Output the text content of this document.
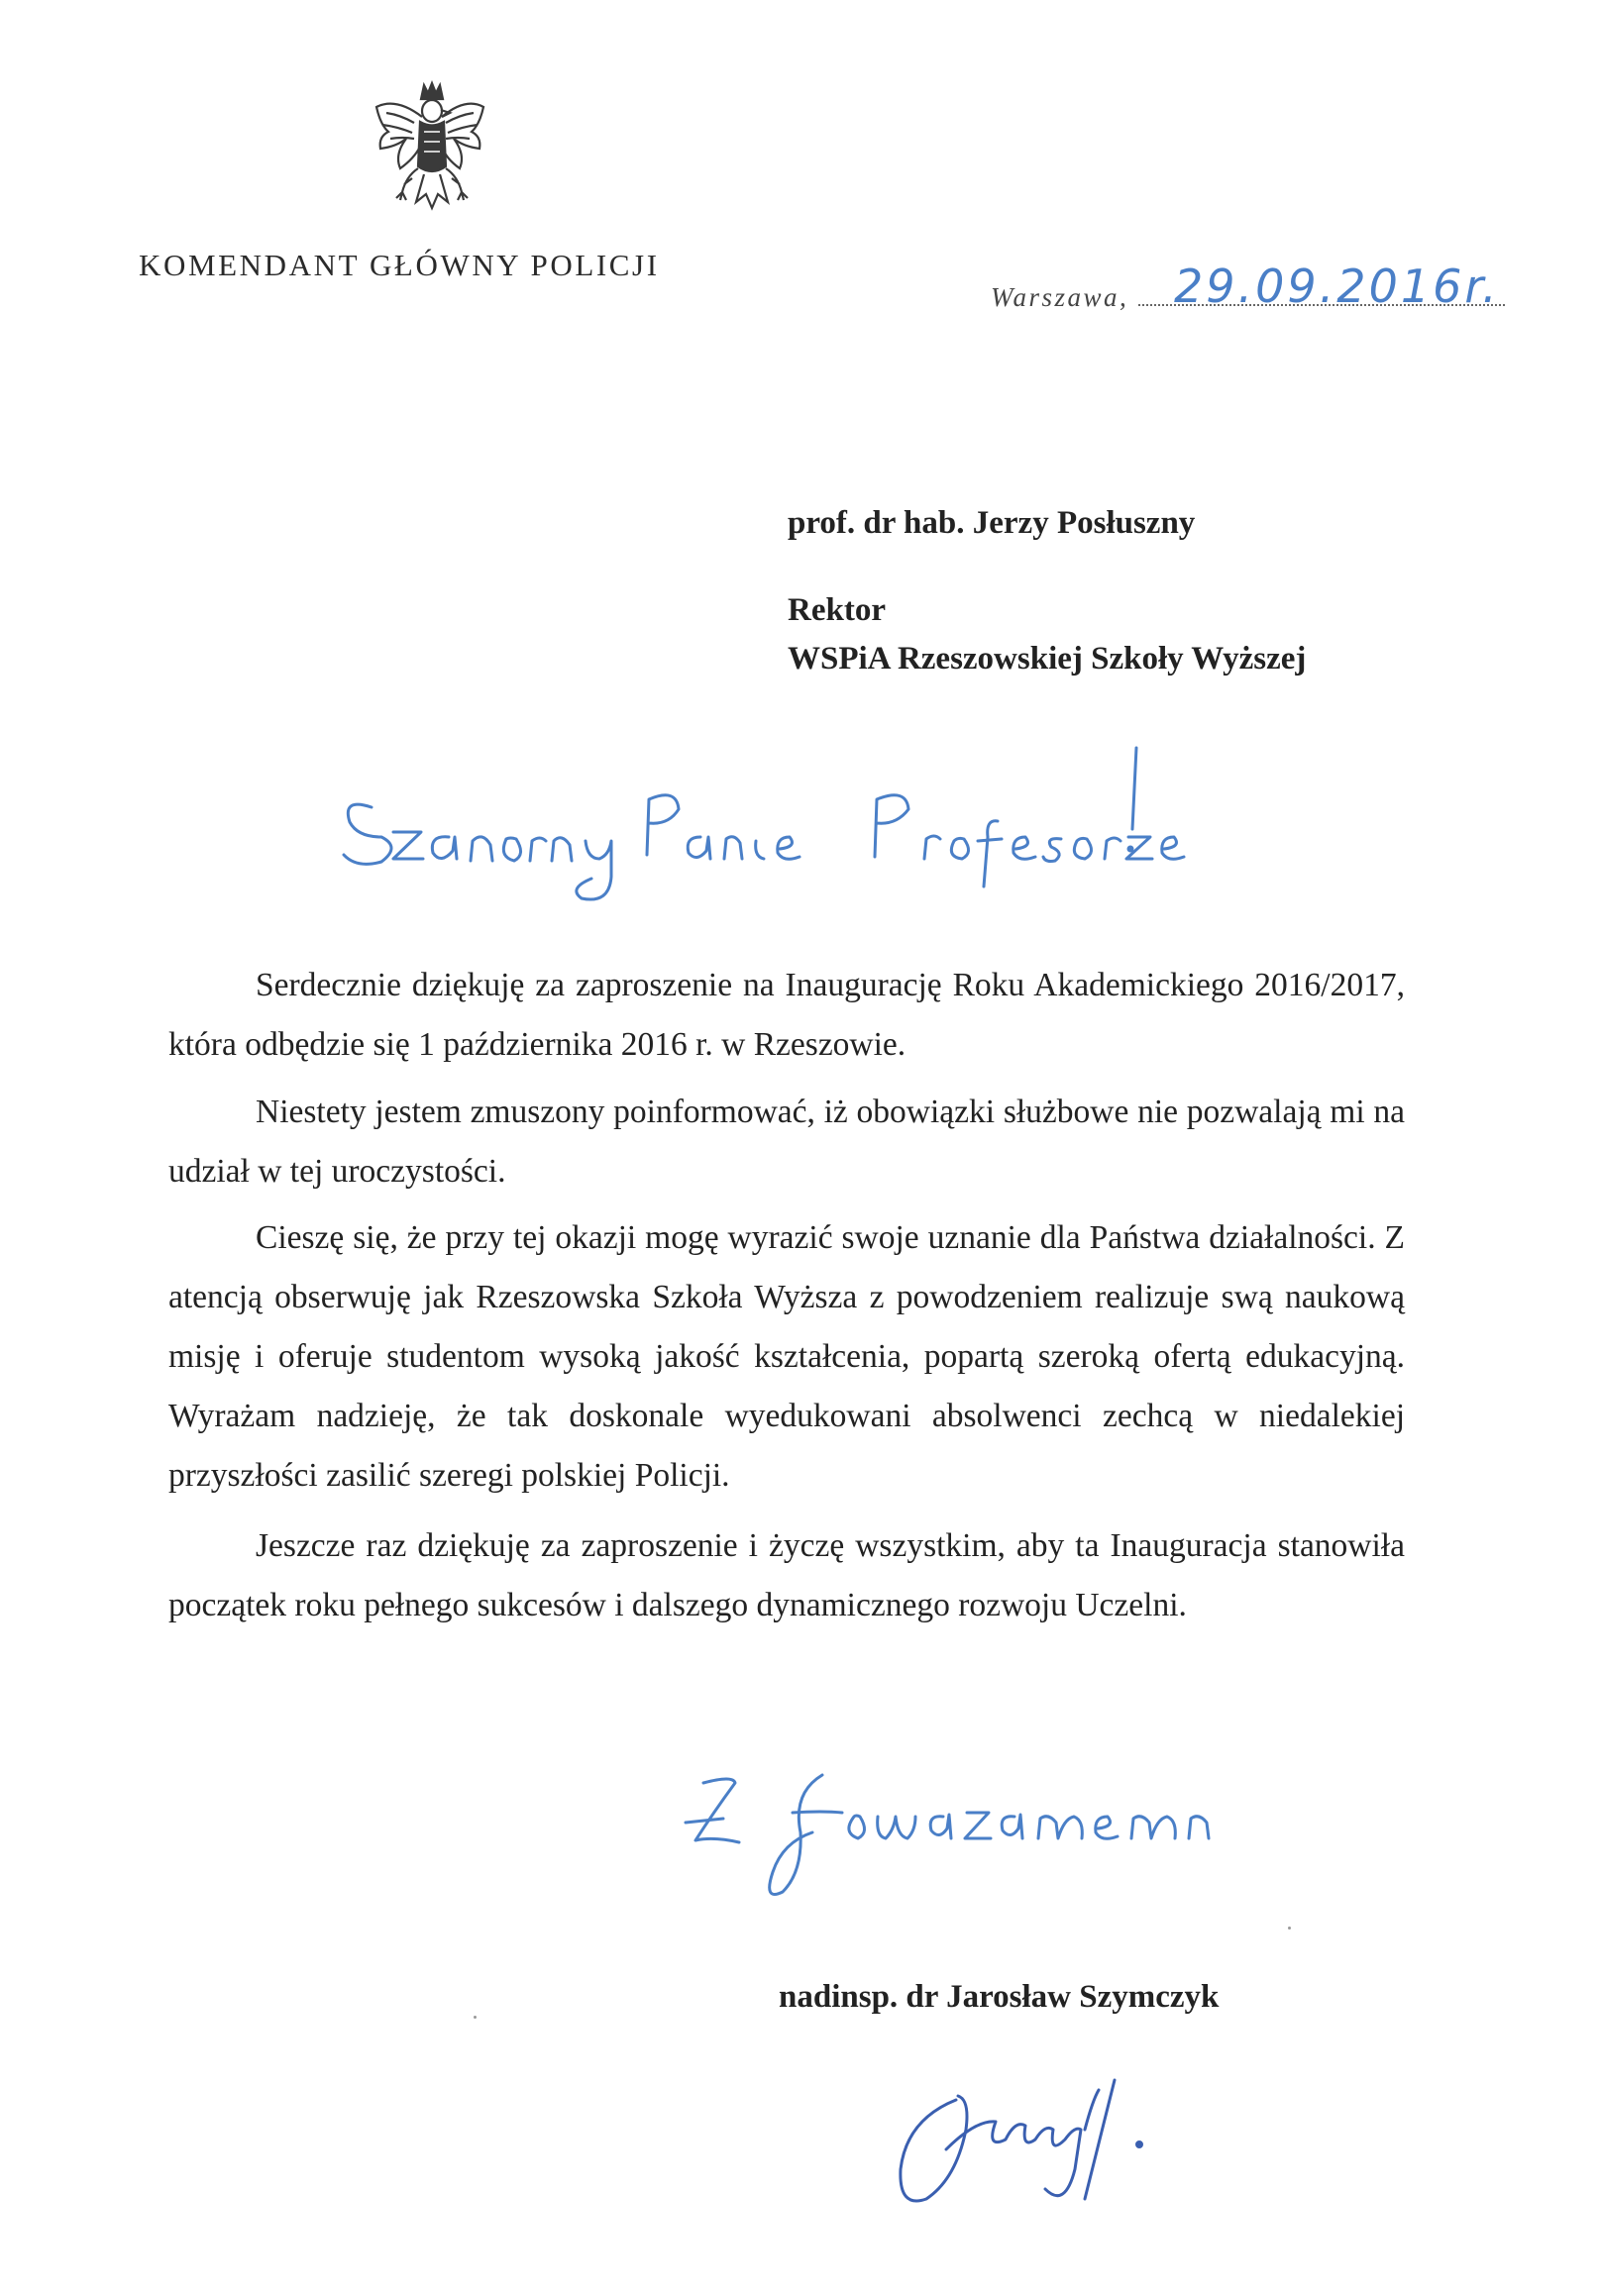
KOMENDANT GŁÓWNY POLICJI
Warszawa, 29.09.2016r.
prof. dr hab. Jerzy Posłuszny
Rektor
WSPiA Rzeszowskiej Szkoły Wyższej

Serdecznie dziękuję za zaproszenie na Inaugurację Roku Akademickiego 2016/2017, która odbędzie się 1 października 2016 r. w Rzeszowie.

Niestety jestem zmuszony poinformować, iż obowiązki służbowe nie pozwalają mi na udział w tej uroczystości.

Cieszę się, że przy tej okazji mogę wyrazić swoje uznanie dla Państwa działalności. Z atencją obserwuję jak Rzeszowska Szkoła Wyższa z powodzeniem realizuje swą naukową misję i oferuje studentom wysoką jakość kształcenia, popartą szeroką ofertą edukacyjną. Wyrażam nadzieję, że tak doskonale wyedukowani absolwenci zechcą w niedalekiej przyszłości zasilić szeregi polskiej Policji.

Jeszcze raz dziękuję za zaproszenie i życzę wszystkim, aby ta Inauguracja stanowiła początek roku pełnego sukcesów i dalszego dynamicznego rozwoju Uczelni.

nadinsp. dr Jarosław Szymczyk
